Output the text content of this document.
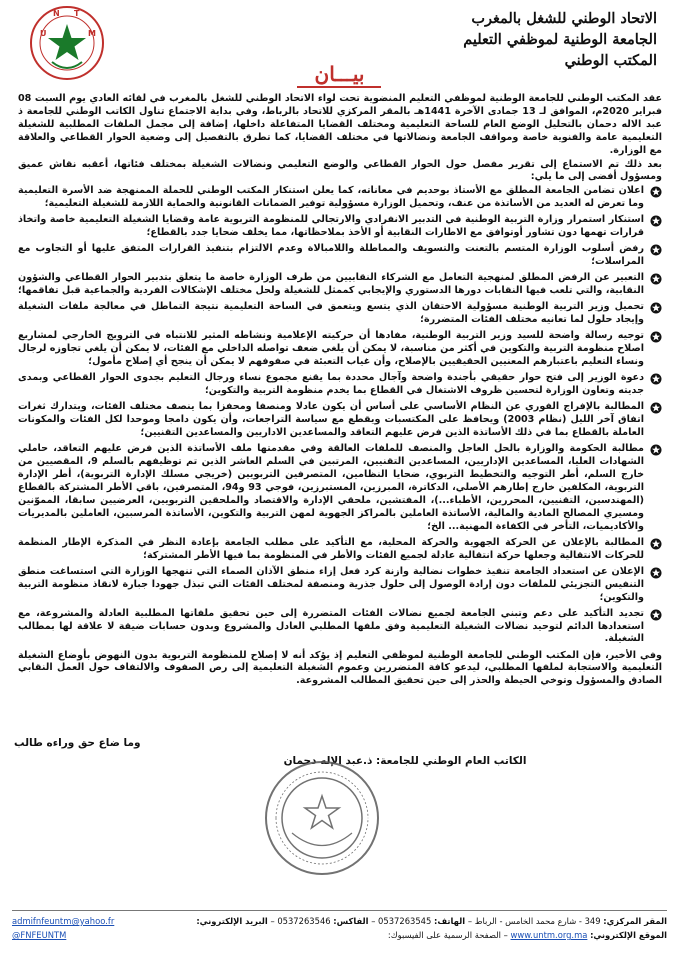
U
N T
M
الاتحاد الوطني للشغل بالمغرب
الجامعة الوطنية لموظفي التعليم
المكتب الوطني
بيـــان

عقد المكتب الوطني للجامعة الوطنية لموظفي التعليم المنضوية تحت لواء الاتحاد الوطني للشغل بالمغرب في لقائه العادي يوم السبت 08 فبراير 2020م، الموافق لـ 13 جمادى الآخرة 1441هـ بالمقر المركزي للاتحاد بالرباط، وفي بداية الاجتماع تناول الكاتب الوطني للجامعة ذ عبد الاله دحمان بالتحليل الوضع العام للساحة التعليمية ومختلف القضايا المتفاعلة داخلها، إضافة إلى مجمل الملفات المطلبية للشغيلة التعليمية عامة والفنوية خاصة ومواقف الجامعة ونضالاتها في مختلف القضايا، كما تطرق بالتفصيل إلى وضعية الحوار القطاعي والعلاقة مع الوزارة.

بعد ذلك تم الاستماع إلى تقرير مفصل حول الحوار القطاعي والوضع التعليمي ونضالات الشغيلة بمختلف فئاتها، أعقبه نقاش عميق ومسؤول أفضى إلى ما يلي:

اعلان تضامن الجامعة المطلق مع الأستاذ بوحديم في معاناته، كما يعلن استنكار المكتب الوطني للحملة الممنهجة ضد الأسرة التعليمية وما تعرض له العديد من الأساتذة من عنف، وتحميل الوزارة مسؤولية توفير الضمانات القانونية والحماية اللازمة للشغيلة التعليمية؛
استنكار استمرار وزارة التربية الوطنية في التدبير الانفرادي والارتجالي للمنظومة التربوية عامة وقضايا الشغيلة التعليمية خاصة واتخاذ قرارات تهمها دون تشاور أوتوافق مع الاطارات النقابية أو الأخذ بملاحظاتها، مما يخلف ضحايا جدد بالقطاع؛
رفض أسلوب الوزارة المتسم بالتعنت والتسويف والمماطلة واللامبالاة وعدم الالتزام بتنفيذ القرارات المتفق عليها أو التجاوب مع المراسلات؛
التعبير عن الرفض المطلق لمنهجية التعامل مع الشركاء النقابيين من طرف الوزارة خاصة ما يتعلق بتدبير الحوار القطاعي والشؤون النقابية، والتي تلعب فيها النقابات دورها الدستوري والإيجابي كممثل للشغيلة ولحل مختلف الإشكالات الفردية والجماعية قبل تفاقمها؛
تحميل وزير التربية الوطنية مسؤولية الاحتقان الذي يتسع ويتعمق في الساحة التعليمية نتيجة التماطل في معالجة ملفات الشغيلة وإيجاد حلول لما تعانيه مختلف الفئات المتضررة؛
توجيه رسالة واضحة للسيد وزير التربية الوطنية، مفادها أن حركيته الإعلامية ونشاطه المثير للانتباه في الترويج الخارجي لمشاريع اصلاح منظومة التربية والتكوين في أكثر من مناسبة، لا يمكن أن يلغي ضعف تواصله الداخلي مع الفئات، لا يمكن أن يلغي تجاوزه لرجال ونساء التعليم باعتبارهم المعنيين الحقيقيين بالإصلاح، وأن غياب التعبئة في صفوفهم لا يمكن أن ينجح أي إصلاح مأمول؛
دعوة الوزير إلى فتح حوار حقيقي بأجندة واضحة وآجال محددة بما يقنع مجموع نساء ورجال التعليم بجدوى الحوار القطاعي وبمدى جديته وتعاون الوزارة لتحسين ظروف الاشتغال في القطاع بما يخدم منظومة التربية والتكوين؛
المطالبة بالإفراج الفوري عن النظام الأساسي على أساس أن يكون عادلا ومنصفا ومحفزا بما ينصف مختلف الفئات، ويتدارك ثغرات اتفاق آخر الليل (نظام 2003) ويحافظ على المكتسبات ويقطع مع سياسة التراجعات، وأن يكون دامجا وموحدا لكل الفئات والمكونات العاملة بالقطاع بما في ذلك الأساتذة الذين فرض عليهم التعاقد والمساعدين الاداريين والمساعدين التقنيين؛
مطالبة الحكومة والوزارة بالحل العاجل والمنصف للملفات العالقة وفي مقدمتها ملف الأساتذة الذين فرض عليهم التعاقد، حاملي الشهادات العليا، المساعدين الإداريين، المساعدين التقنيين، المرتبين في السلم العاشر الذين تم توظيفهم بالسلم 9، المقصيين من خارج السلم، أطر التوجيه والتخطيط التربوي، ضحايا النظامين، المتصرفين التربويين (خريجي مسلك الإدارة التربوية)، أطر الإدارة التربوية، المكلفين خارج إطارهم الأصلي، الدكاترة، المبرزين، المستبرزين، فوجي 93 و94، المتصرفين، باقي الأطر المشتركة بالقطاع (المهندسين، التقنيين، المحررين، الأطباء...)، المفتشين، ملحقي الإدارة والاقتصاد والملحقين التربويين، العرضيين سابقا، المموّنين ومسيري المصالح المادية والمالية، الأساتذة العاملين بالمراكز الجهوية لمهن التربية والتكوين، الأساتذة المرسبين، العاملين بالمديريات والأكاديميات، التأخر في الكفاءة المهنية... الخ؛
المطالبة بالإعلان عن الحركة الجهوية والحركة المحلية، مع التأكيد على مطلب الجامعة بإعادة النظر في المذكرة الإطار المنظمة للحركات الانتقالية وجعلها حركة انتقالية عادلة لجميع الفئات والأطر في المنظومة بما فيها الأطر المشتركة؛
الإعلان عن استعداد الجامعة تنفيذ خطوات نضالية وازنة كرد فعل إزاء منطق الآذان الصماء التي تنهجها الوزارة التي استساغت منطق التنفيس التجزيئي للملفات دون إرادة الوصول إلى حلول جذرية ومنصفة لمختلف الفئات التي تبذل جهودا جبارة لانقاذ منظومة التربية والتكوين؛
تجديد التأكيد على دعم وتبني الجامعة لجميع نضالات الفئات المتضررة إلى حين تحقيق ملفاتها المطلبية العادلة والمشروعة، مع استعدادها الدائم لتوحيد نضالات الشغيلة التعليمية وفق ملفها المطلبي العادل والمشروع وبدون حسابات ضيقة لا علاقة لها بمطالب الشغيلة.

وفي الأخير، فإن المكتب الوطني للجامعة الوطنية لموظفي التعليم إذ يؤكد أنه لا إصلاح للمنظومة التربوية بدون النهوض بأوضاع الشغيلة التعليمية والاستجابة لملفها المطلبي، ليدعو كافة المتضررين وعموم الشغيلة التعليمية إلى رص الصفوف والالتفاف حول العمل النقابي الصادق والمسؤول وتوخي الحيطة والحذر إلى حين تحقيق المطالب المشروعة.

وما ضاع حق وراءه طالب
الكاتب العام الوطني للجامعة: ذ.عبد الإله دحمان
المقر المركزي: 349 - شارع محمد الخامس - الرباط – الهاتف: 0537263545 – الفاكس: 0537263546 – البريد الإلكتروني:
admifnfeuntm@yahoo.fr
الموقع الإلكتروني: www.untm.org.ma – الصفحة الرسمية على الفيسبوك:
@FNFEUNTM
